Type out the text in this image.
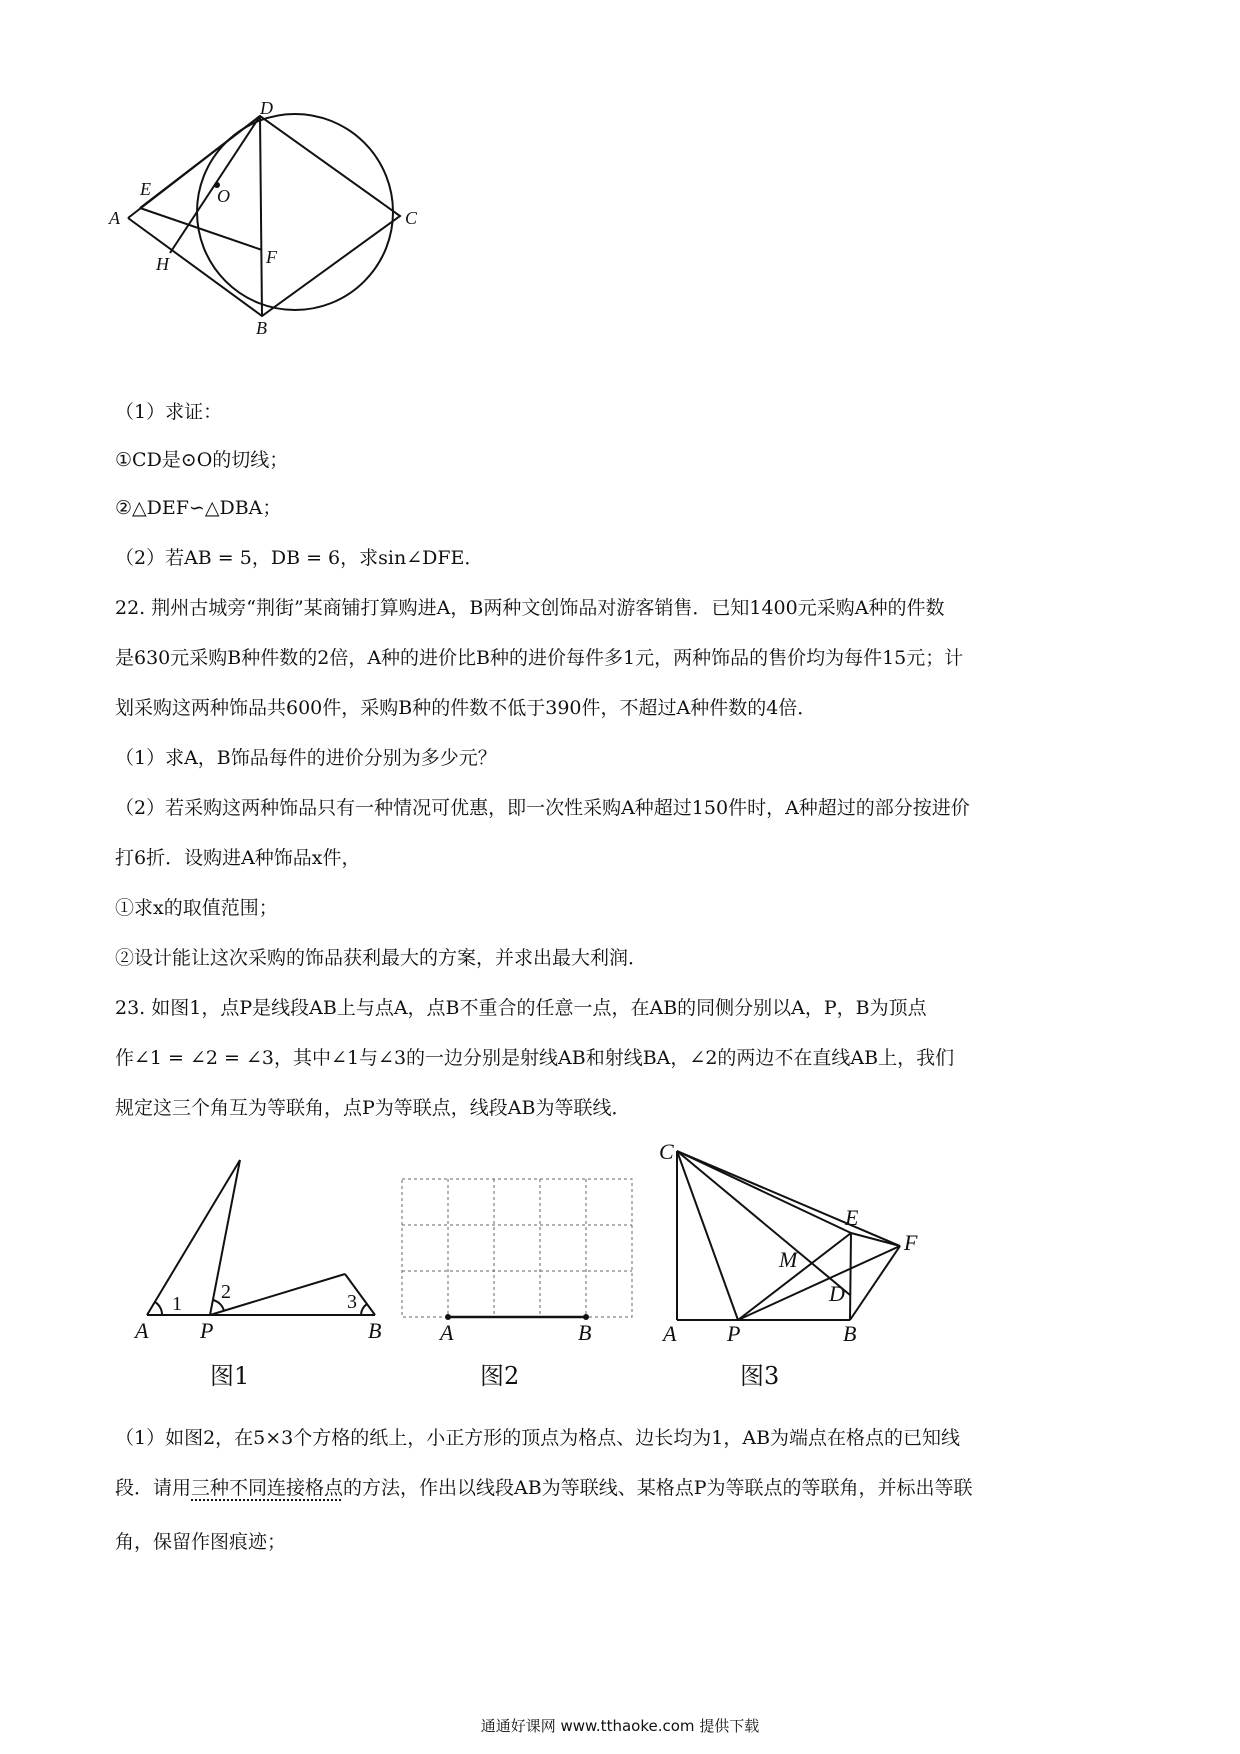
D
E	O
A	C
H	F
B
（1）求证：
①CD是⊙O的切线；
②△DEF∽△DBA；
（2）若AB = 5，DB = 6，求sin∠DFE．
22. 荆州古城旁“荆街”某商铺打算购进A，B两种文创饰品对游客销售．已知1400元采购A种的件数
是630元采购B种件数的2倍，A种的进价比B种的进价每件多1元，两种饰品的售价均为每件15元；计
划采购这两种饰品共600件，采购B种的件数不低于390件，不超过A种件数的4倍．
（1）求A，B饰品每件的进价分别为多少元？
（2）若采购这两种饰品只有一种情况可优惠，即一次性采购A种超过150件时，A种超过的部分按进价
打6折．设购进A种饰品x件，
①求x的取值范围；
②设计能让这次采购的饰品获利最大的方案，并求出最大利润．
23. 如图1，点P是线段AB上与点A，点B不重合的任意一点，在AB的同侧分别以A，P，B为顶点
作∠1 = ∠2 = ∠3，其中∠1与∠3的一边分别是射线AB和射线BA，∠2的两边不在直线AB上，我们
规定这三个角互为等联角，点P为等联点，线段AB为等联线．
A P	B
1
2	3
图1
A	B
图2
C
E
M
F
D
A P	B
图3
（1）如图2，在5×3个方格的纸上，小正方形的顶点为格点、边长均为1，AB为端点在格点的已知线
段．请用三种不同连接格点的方法，作出以线段AB为等联线、某格点P为等联点的等联角，并标出等联
角，保留作图痕迹；
通通好课网 www.tthaoke.com 提供下载
